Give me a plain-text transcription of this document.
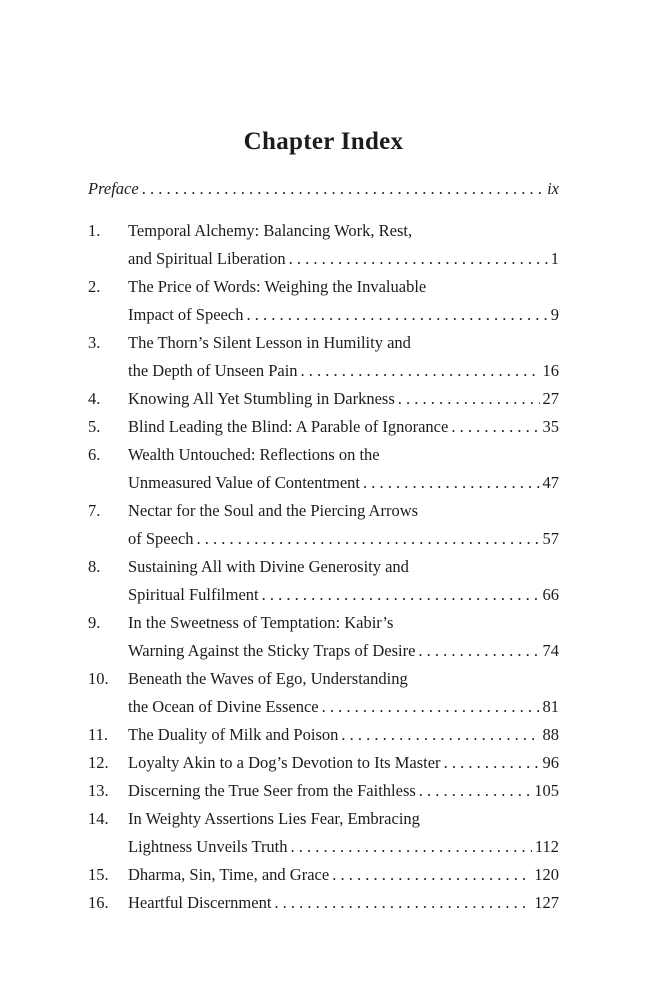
Chapter Index
Preface . . .	ix
1.	Temporal Alchemy: Balancing Work, Rest,
and Spiritual Liberation . . .	1
2.	The Price of Words: Weighing the Invaluable
Impact of Speech . . .	9
3.	The Thorn’s Silent Lesson in Humility and
the Depth of Unseen Pain . . .	16
4.	Knowing All Yet Stumbling in Darkness . . .	27
5.	Blind Leading the Blind: A Parable of Ignorance . . .	35
6.	Wealth Untouched: Reflections on the
Unmeasured Value of Contentment . . .	47
7.	Nectar for the Soul and the Piercing Arrows
of Speech . . .	57
8.	Sustaining All with Divine Generosity and
Spiritual Fulfilment . . .	66
9.	In the Sweetness of Temptation: Kabir’s
Warning Against the Sticky Traps of Desire . . .	74
10.	Beneath the Waves of Ego, Understanding
the Ocean of Divine Essence . . .	81
11.	The Duality of Milk and Poison . . .	88
12.	Loyalty Akin to a Dog’s Devotion to Its Master . . .	96
13.	Discerning the True Seer from the Faithless . . .	105
14.	In Weighty Assertions Lies Fear, Embracing
Lightness Unveils Truth . . .	112
15.	Dharma, Sin, Time, and Grace . . .	120
16.	Heartful Discernment . . .	127
